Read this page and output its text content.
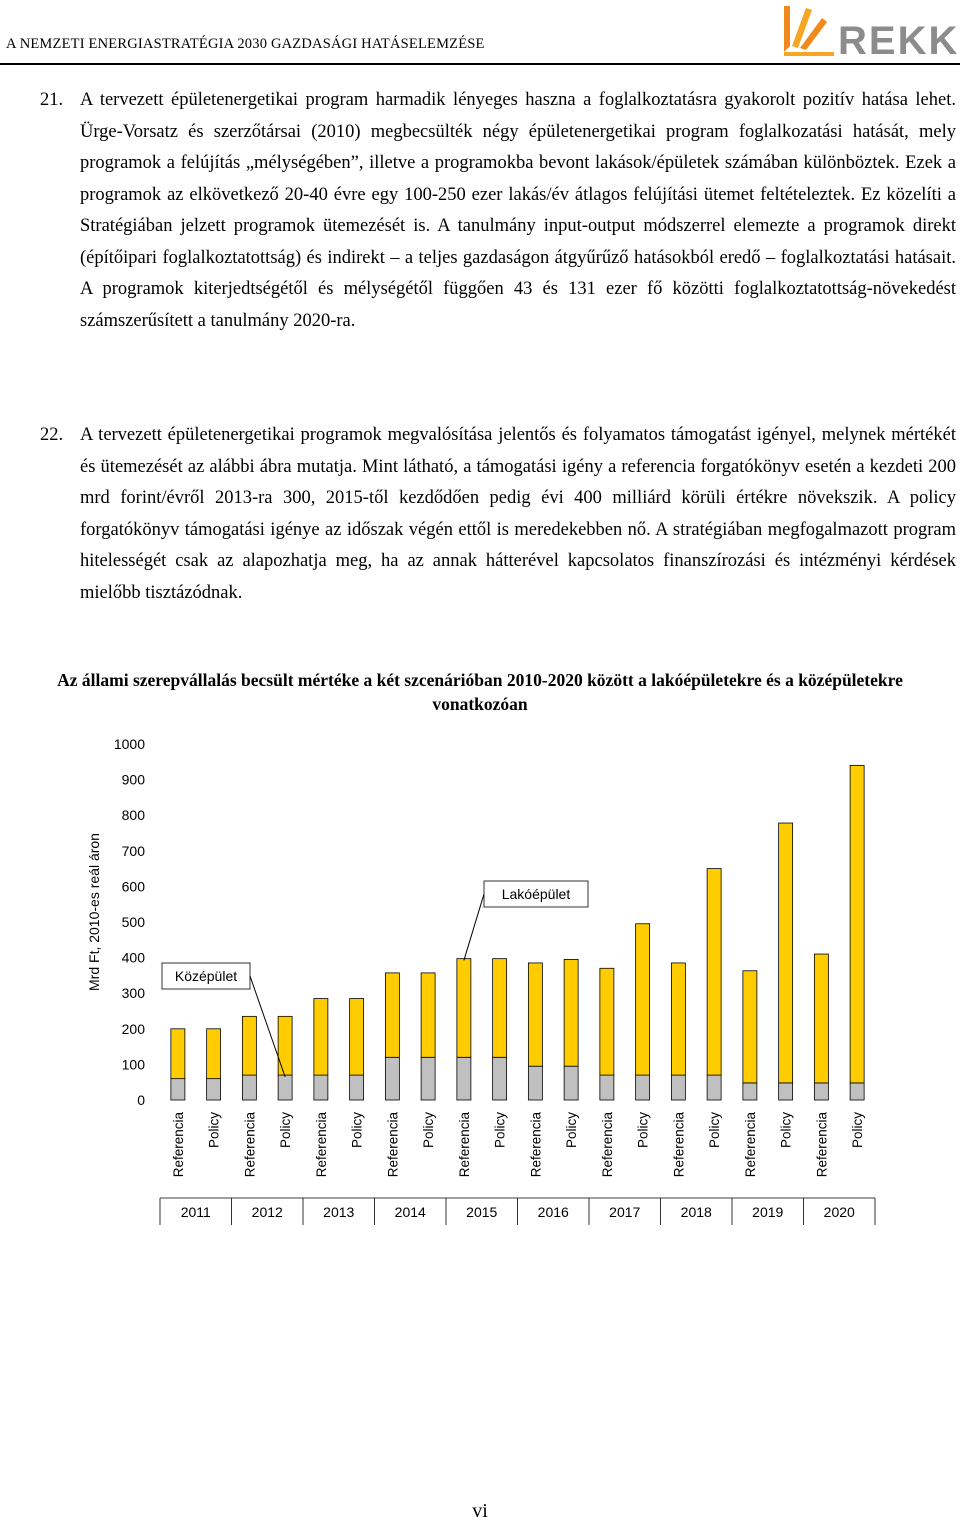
A NEMZETI ENERGIASTRATÉGIA 2030 GAZDASÁGI HATÁSELEMZÉSE	REKK
21. A tervezett épületenergetikai program harmadik lényeges haszna a foglalkoztatásra gyakorolt pozitív hatása lehet. Ürge-Vorsatz és szerzőtársai (2010) megbecsülték négy épületenergetikai program foglalkozatási hatását, mely programok a felújítás „mélységében”, illetve a programokba bevont lakások/épületek számában különböztek. Ezek a programok az elkövetkező 20-40 évre egy 100-250 ezer lakás/év átlagos felújítási ütemet feltételeztek. Ez közelíti a Stratégiában jelzett programok ütemezését is. A tanulmány input-output módszerrel elemezte a programok direkt (építőipari foglalkoztatottság) és indirekt – a teljes gazdaságon átgyűrűző hatásokból eredő – foglalkoztatási hatásait. A programok kiterjedtségétől és mélységétől függően 43 és 131 ezer fő közötti foglalkoztatottság-növekedést számszerűsített a tanulmány 2020-ra.
22. A tervezett épületenergetikai programok megvalósítása jelentős és folyamatos támogatást igényel, melynek mértékét és ütemezését az alábbi ábra mutatja. Mint látható, a támogatási igény a referencia forgatókönyv esetén a kezdeti 200 mrd forint/évről 2013-ra 300, 2015-től kezdődően pedig évi 400 milliárd körüli értékre növekszik. A policy forgatókönyv támogatási igénye az időszak végén ettől is meredekebben nő. A stratégiában megfogalmazott program hitelességét csak az alapozhatja meg, ha az annak hátterével kapcsolatos finanszírozási és intézményi kérdések mielőbb tisztázódnak.
Az állami szerepvállalás becsült mértéke a két szcenárióban 2010-2020 között a lakóépületekre és a középületekre vonatkozóan
0
100
200
300
400
500
600
700
800
900
1000
Mrd Ft, 2010-es reál áron
Referencia Policy Referencia Policy Referencia Policy Referencia Policy Referencia Policy Referencia Policy Referencia Policy Referencia Policy Referencia Policy Referencia Policy
2011	2012	2013	2014	2015	2016	2017	2018	2019	2020
Középület
Lakóépület
vi
